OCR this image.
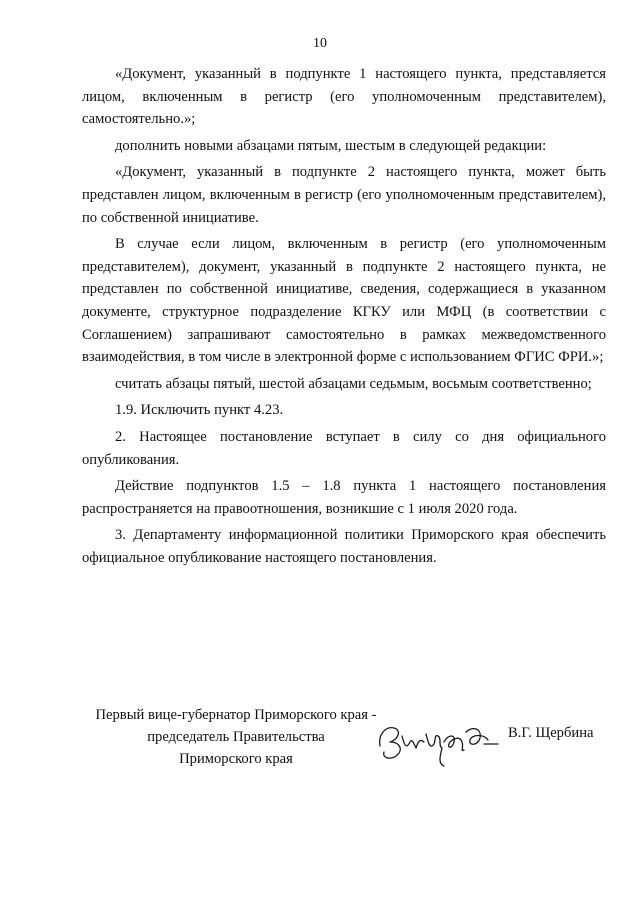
10

«Документ, указанный в подпункте 1 настоящего пункта, представляется лицом, включенным в регистр (его уполномоченным представителем), самостоятельно.»;

дополнить новыми абзацами пятым, шестым в следующей редакции:

«Документ, указанный в подпункте 2 настоящего пункта, может быть представлен лицом, включенным в регистр (его уполномоченным представителем), по собственной инициативе.

В случае если лицом, включенным в регистр (его уполномоченным представителем), документ, указанный в подпункте 2 настоящего пункта, не представлен по собственной инициативе, сведения, содержащиеся в указанном документе, структурное подразделение КГКУ или МФЦ (в соответствии с Соглашением) запрашивают самостоятельно в рамках межведомственного взаимодействия, в том числе в электронной форме с использованием ФГИС ФРИ.»;

считать абзацы пятый, шестой абзацами седьмым, восьмым соответственно;

1.9. Исключить пункт 4.23.

2. Настоящее постановление вступает в силу со дня официального опубликования.

Действие подпунктов 1.5 – 1.8 пункта 1 настоящего постановления распространяется на правоотношения, возникшие с 1 июля 2020 года.

3. Департаменту информационной политики Приморского края обеспечить официальное опубликование настоящего постановления.

Первый вице-губернатор Приморского края -
председатель Правительства
Приморского края
В.Г. Щербина
